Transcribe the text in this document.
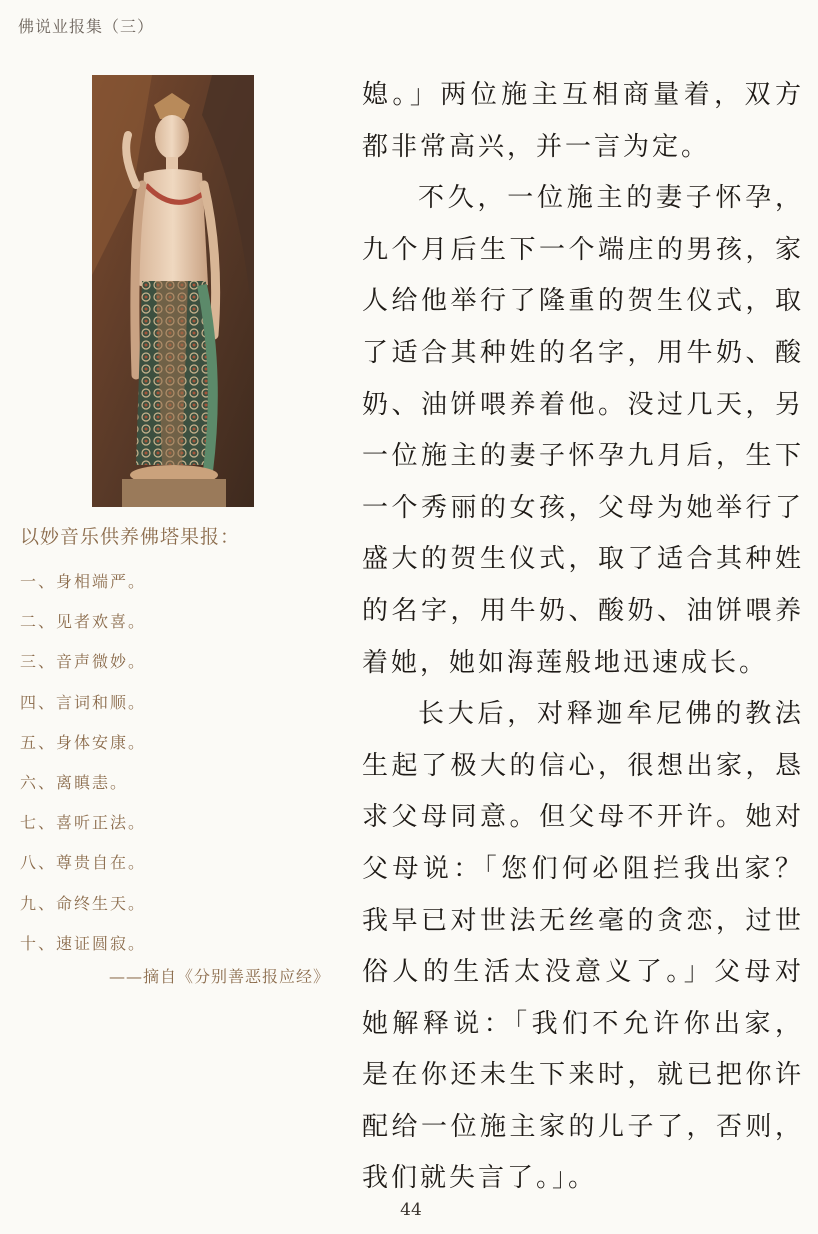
佛说业报集（三）
以妙音乐供养佛塔果报：
一、身相端严。
二、见者欢喜。
三、音声微妙。
四、言词和顺。
五、身体安康。
六、离瞋恚。
七、喜听正法。
八、尊贵自在。
九、命终生天。
十、速证圆寂。
——摘自《分别善恶报应经》

媳。」两位施主互相商量着，双方都非常高兴，并一言为定。

不久，一位施主的妻子怀孕，九个月后生下一个端庄的男孩，家人给他举行了隆重的贺生仪式，取了适合其种姓的名字，用牛奶、酸奶、油饼喂养着他。没过几天，另一位施主的妻子怀孕九月后，生下一个秀丽的女孩，父母为她举行了盛大的贺生仪式，取了适合其种姓的名字，用牛奶、酸奶、油饼喂养着她，她如海莲般地迅速成长。

长大后，对释迦牟尼佛的教法生起了极大的信心，很想出家，恳求父母同意。但父母不开许。她对父母说：「您们何必阻拦我出家？我早已对世法无丝毫的贪恋，过世俗人的生活太没意义了。」父母对她解释说：「我们不允许你出家，是在你还未生下来时，就已把你许配给一位施主家的儿子了，否则，我们就失言了。」。

44
